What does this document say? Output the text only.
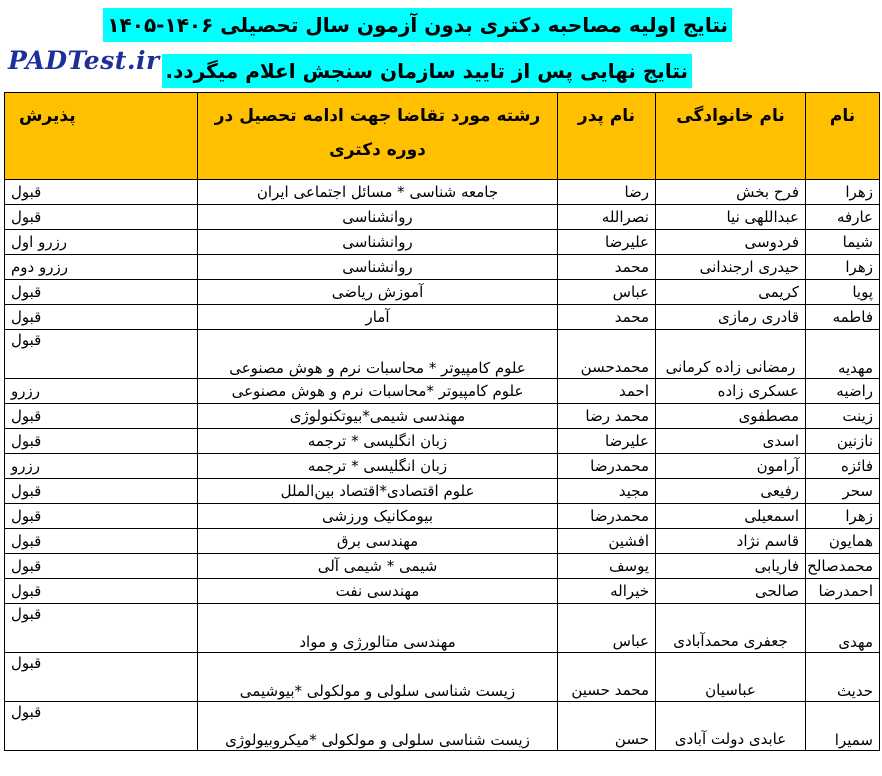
PADTest.ir
نتایج اولیه مصاحبه دکتری بدون آزمون سال تحصیلی ۱۴۰۶-۱۴۰۵
نتایج نهایی پس از تایید سازمان سنجش اعلام میگردد.
نام	نام خانوادگی	نام پدر	رشته مورد تقاضا جهت ادامه تحصیل در دوره دکتری	پذیرش
زهرا	فرح بخش	رضا	جامعه شناسی * مسائل اجتماعی ایران	قبول
عارفه	عبداللهی نیا	نصرالله	روانشناسی	قبول
شیما	فردوسی	علیرضا	روانشناسی	رزرو اول
زهرا	حیدری ارجندانی	محمد	روانشناسی	رزرو دوم
پویا	کریمی	عباس	آموزش ریاضی	قبول
فاطمه	قادری رمازی	محمد	آمار	قبول
مهدیه	رمضانی زاده کرمانی	محمدحسن	علوم کامپیوتر * محاسبات نرم و هوش مصنوعی	قبول
راضیه	عسکری زاده	احمد	علوم کامپیوتر *محاسبات نرم و هوش مصنوعی	رزرو
زینت	مصطفوی	محمد رضا	مهندسی شیمی*بیوتکنولوژی	قبول
نازنین	اسدی	علیرضا	زبان انگلیسی * ترجمه	قبول
فائزه	آرامون	محمدرضا	زبان انگلیسی * ترجمه	رزرو
سحر	رفیعی	مجید	علوم اقتصادی*اقتصاد بین‌الملل	قبول
زهرا	اسمعیلی	محمدرضا	بیومکانیک ورزشی	قبول
همایون	قاسم نژاد	افشین	مهندسی برق	قبول
محمدصالح	فاریابی	یوسف	شیمی * شیمی آلی	قبول
احمدرضا	صالحی	خیراله	مهندسی نفت	قبول
مهدی	جعفری محمدآبادی	عباس	مهندسی متالورژی و مواد	قبول
حدیث	عباسیان	محمد حسین	زیست شناسی سلولی و مولکولی *بیوشیمی	قبول
سمیرا	عابدی دولت آبادی	حسن	زیست شناسی سلولی و مولکولی *میکروبیولوژی	قبول
